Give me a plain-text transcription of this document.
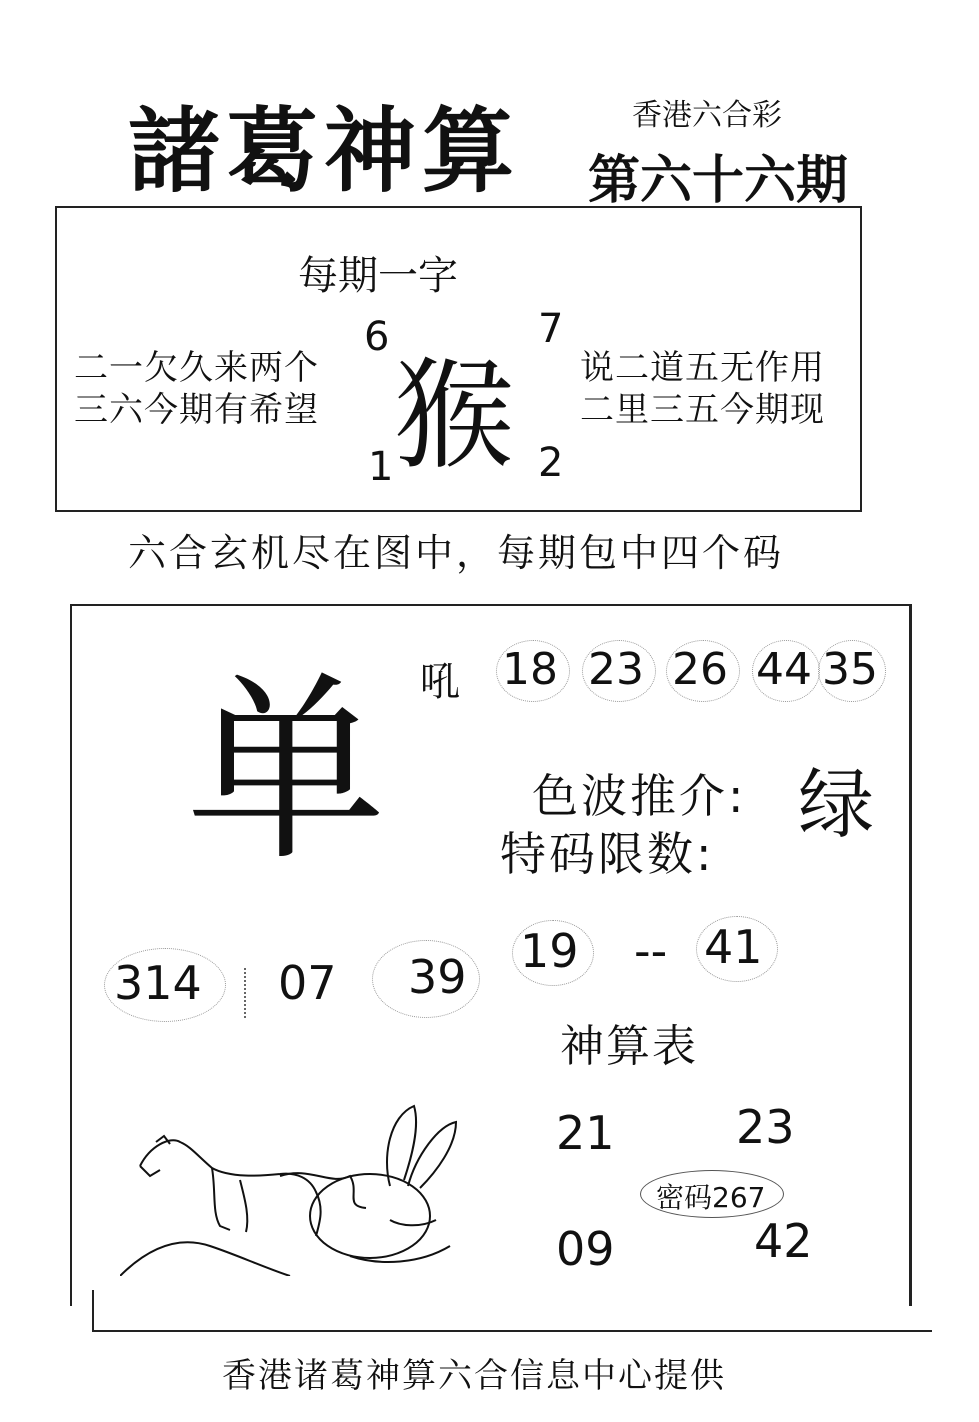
諸葛神算	香港六合彩
第六十六期
每期一字
二一欠久来两个
三六今期有希望
说二道五无作用
二里三五今期现
猴
6	7
1	2
六合玄机尽在图中，每期包中四个码
吼 18 23 26 44 35
单	色波推介: 绿
特码限数:
314 07 39 19 -- 41
神算表
21	23
09	42
密码267
香港诸葛神算六合信息中心提供
